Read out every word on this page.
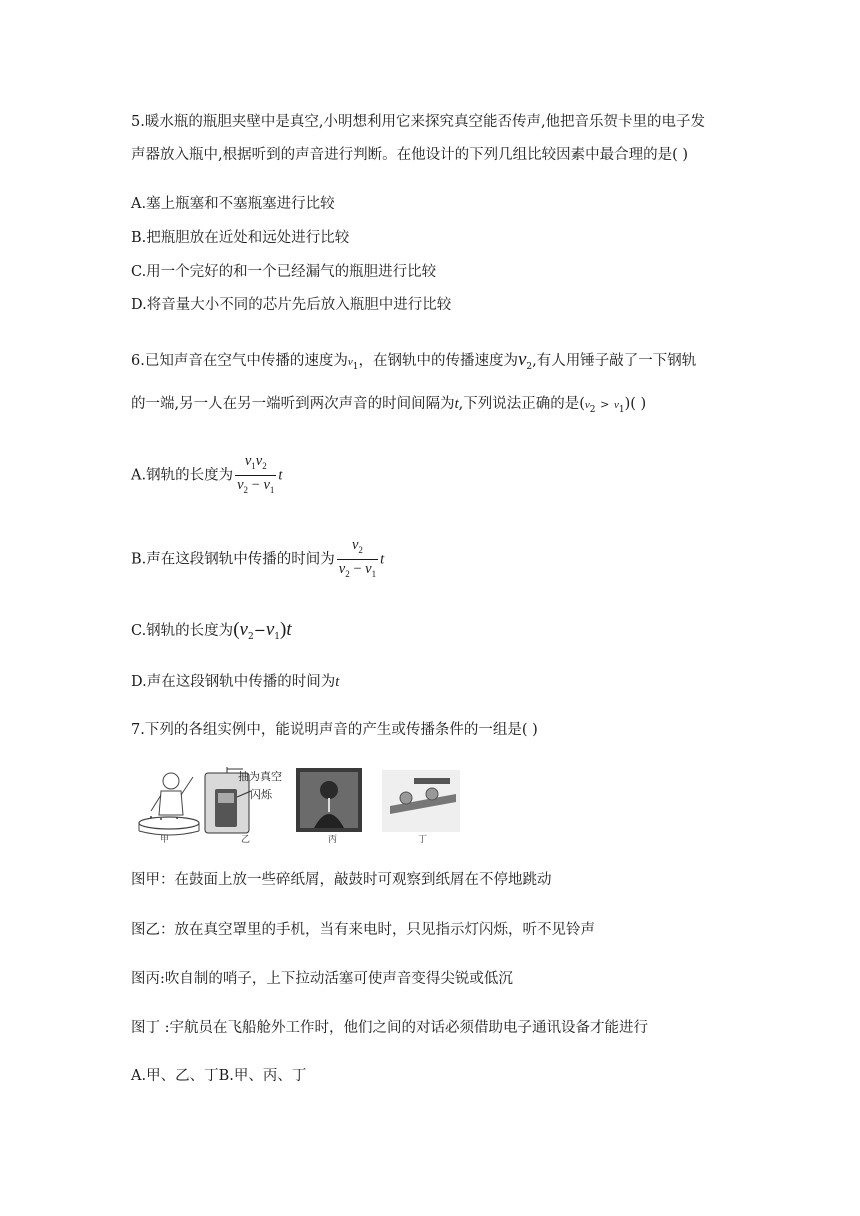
5.暖水瓶的瓶胆夹壁中是真空,小明想利用它来探究真空能否传声,他把音乐贺卡里的电子发
声器放入瓶中,根据听到的声音进行判断。在他设计的下列几组比较因素中最合理的是( )
A.塞上瓶塞和不塞瓶塞进行比较
B.把瓶胆放在近处和远处进行比较
C.用一个完好的和一个已经漏气的瓶胆进行比较
D.将音量大小不同的芯片先后放入瓶胆中进行比较
6.已知声音在空气中传播的速度为$v_1$，在钢轨中的传播速度为$v_2$,有人用锤子敲了一下钢轨
的一端,另一人在另一端听到两次声音的时间间隔为t,下列说法正确的是$(v_2 > v_1)$( )
A.钢轨的长度为 $\frac{v_1v_2}{v_2 - v_1}$ t
B.声在这段钢轨中传播的时间为 $\frac{v_2}{v_2 - v_1}$ t
C.钢轨的长度为$(v_2-v_1)t$
D.声在这段钢轨中传播的时间为t
7.下列的各组实例中，能说明声音的产生或传播条件的一组是( )
抽为真空
闪烁
甲	乙	丙	丁
图甲：在鼓面上放一些碎纸屑，敲鼓时可观察到纸屑在不停地跳动
图乙：放在真空罩里的手机，当有来电时，只见指示灯闪烁，听不见铃声
图丙:吹自制的哨子，上下拉动活塞可使声音变得尖锐或低沉
图丁 :宇航员在飞船舱外工作时，他们之间的对话必须借助电子通讯设备才能进行
A.甲、乙、丁B.甲、丙、丁
